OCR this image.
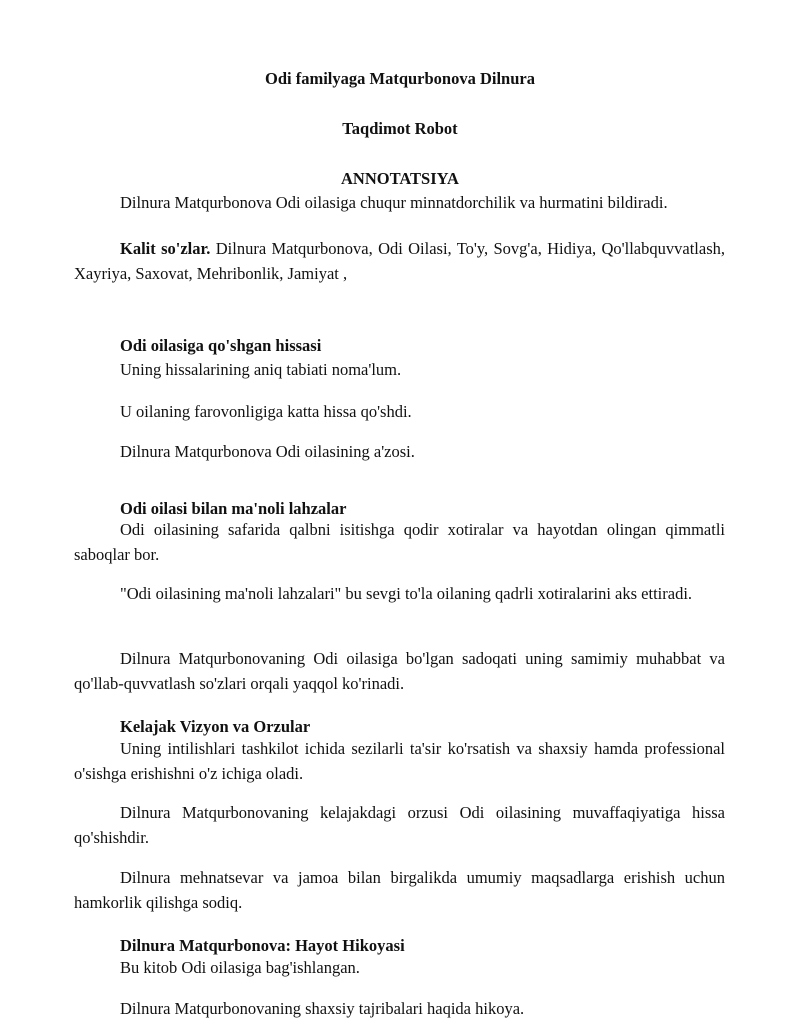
Odi familyaga Matqurbonova Dilnura
Taqdimot Robot
ANNOTATSIYA

Dilnura Matqurbonova Odi oilasiga chuqur minnatdorchilik va hurmatini bildiradi.

Kalit so'zlar. Dilnura Matqurbonova, Odi Oilasi, To'y, Sovg'a, Hidiya, Qo'llabquvvatlash, Xayriya, Saxovat, Mehribonlik, Jamiyat ,

Odi oilasiga qo'shgan hissasi
Uning hissalarining aniq tabiati noma'lum.
U oilaning farovonligiga katta hissa qo'shdi.
Dilnura Matqurbonova Odi oilasining a'zosi.
Odi oilasi bilan ma'noli lahzalar

Odi oilasining safarida qalbni isitishga qodir xotiralar va hayotdan olingan qimmatli saboqlar bor.

"Odi oilasining ma'noli lahzalari" bu sevgi to'la oilaning qadrli xotiralarini aks ettiradi.

Dilnura Matqurbonovaning Odi oilasiga bo'lgan sadoqati uning samimiy muhabbat va qo'llab-quvvatlash so'zlari orqali yaqqol ko'rinadi.

Kelajak Vizyon va Orzular

Uning intilishlari tashkilot ichida sezilarli ta'sir ko'rsatish va shaxsiy hamda professional o'sishga erishishni o'z ichiga oladi.

Dilnura Matqurbonovaning kelajakdagi orzusi Odi oilasining muvaffaqiyatiga hissa qo'shishdir.

Dilnura mehnatsevar va jamoa bilan birgalikda umumiy maqsadlarga erishish uchun hamkorlik qilishga sodiq.

Dilnura Matqurbonova: Hayot Hikoyasi
Bu kitob Odi oilasiga bag'ishlangan.
Dilnura Matqurbonovaning shaxsiy tajribalari haqida hikoya.
